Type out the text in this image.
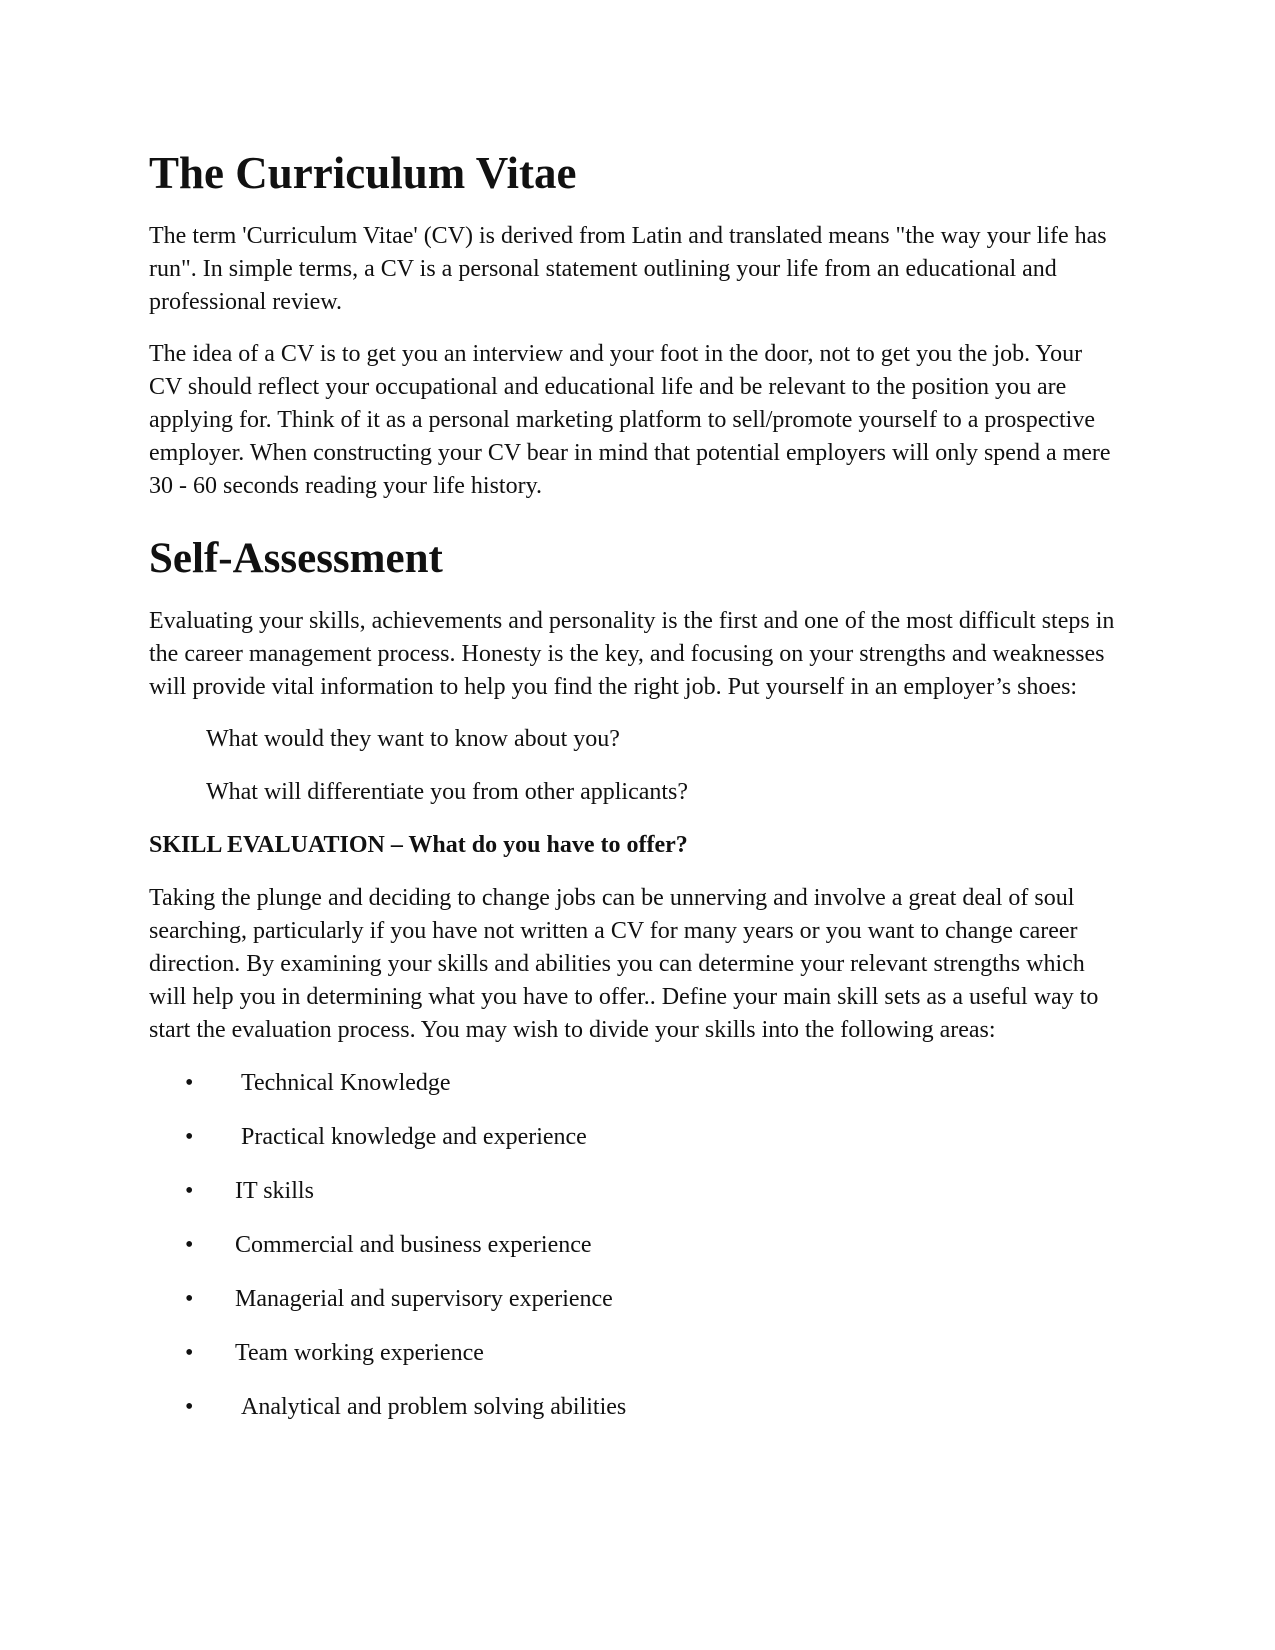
The Curriculum Vitae

The term 'Curriculum Vitae' (CV) is derived from Latin and translated means "the way your life has run". In simple terms, a CV is a personal statement outlining your life from an educational and professional review.

The idea of a CV is to get you an interview and your foot in the door, not to get you the job. Your CV should reflect your occupational and educational life and be relevant to the position you are applying for. Think of it as a personal marketing platform to sell/promote yourself to a prospective employer. When constructing your CV bear in mind that potential employers will only spend a mere 30 - 60 seconds reading your life history.

Self-Assessment

Evaluating your skills, achievements and personality is the first and one of the most difficult steps in the career management process. Honesty is the key, and focusing on your strengths and weaknesses will provide vital information to help you find the right job. Put yourself in an employer’s shoes:

What would they want to know about you?

What will differentiate you from other applicants?

SKILL EVALUATION – What do you have to offer?

Taking the plunge and deciding to change jobs can be unnerving and involve a great deal of soul searching, particularly if you have not written a CV for many years or you want to change career direction. By examining your skills and abilities you can determine your relevant strengths which will help you in determining what you have to offer.. Define your main skill sets as a useful way to start the evaluation process. You may wish to divide your skills into the following areas:

• Technical Knowledge
• Practical knowledge and experience
• IT skills
• Commercial and business experience
• Managerial and supervisory experience
• Team working experience
• Analytical and problem solving abilities
